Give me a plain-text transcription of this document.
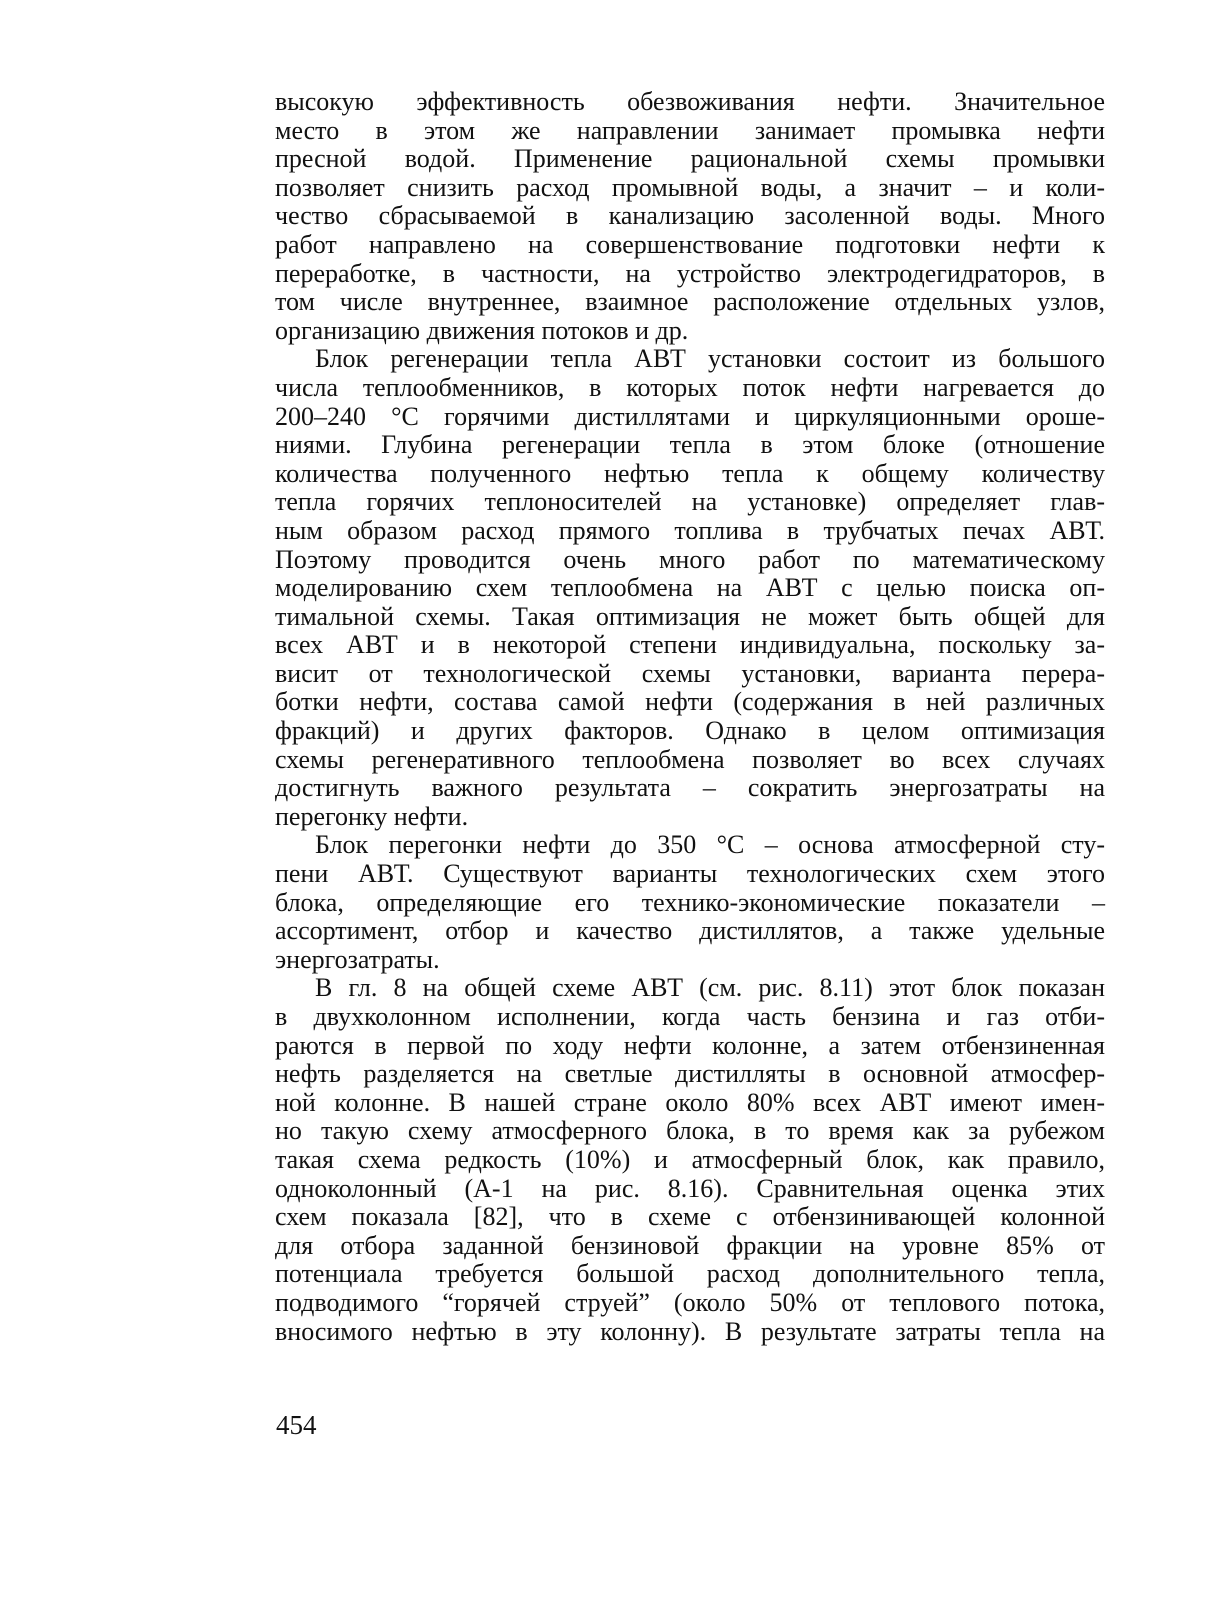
высокую эффективность обезвоживания нефти. Значительное
место в этом же направлении занимает промывка нефти
пресной водой. Применение рациональной схемы промывки
позволяет снизить расход промывной воды, а значит – и коли-
чество сбрасываемой в канализацию засоленной воды. Много
работ направлено на совершенствование подготовки нефти к
переработке, в частности, на устройство электродегидраторов, в
том числе внутреннее, взаимное расположение отдельных узлов,
организацию движения потоков и др.
Блок регенерации тепла АВТ установки состоит из большого
числа теплообменников, в которых поток нефти нагревается до
200–240 °С горячими дистиллятами и циркуляционными ороше-
ниями. Глубина регенерации тепла в этом блоке (отношение
количества полученного нефтью тепла к общему количеству
тепла горячих теплоносителей на установке) определяет глав-
ным образом расход прямого топлива в трубчатых печах АВТ.
Поэтому проводится очень много работ по математическому
моделированию схем теплообмена на АВТ с целью поиска оп-
тимальной схемы. Такая оптимизация не может быть общей для
всех АВТ и в некоторой степени индивидуальна, поскольку за-
висит от технологической схемы установки, варианта перера-
ботки нефти, состава самой нефти (содержания в ней различных
фракций) и других факторов. Однако в целом оптимизация
схемы регенеративного теплообмена позволяет во всех случаях
достигнуть важного результата – сократить энергозатраты на
перегонку нефти.
Блок перегонки нефти до 350 °С – основа атмосферной сту-
пени АВТ. Существуют варианты технологических схем этого
блока, определяющие его технико-экономические показатели –
ассортимент, отбор и качество дистиллятов, а также удельные
энергозатраты.
В гл. 8 на общей схеме АВТ (см. рис. 8.11) этот блок показан
в двухколонном исполнении, когда часть бензина и газ отби-
раются в первой по ходу нефти колонне, а затем отбензиненная
нефть разделяется на светлые дистилляты в основной атмосфер-
ной колонне. В нашей стране около 80% всех АВТ имеют имен-
но такую схему атмосферного блока, в то время как за рубежом
такая схема редкость (10%) и атмосферный блок, как правило,
одноколонный (А-1 на рис. 8.16). Сравнительная оценка этих
схем показала [82], что в схеме с отбензинивающей колонной
для отбора заданной бензиновой фракции на уровне 85% от
потенциала требуется большой расход дополнительного тепла,
подводимого “горячей струей” (около 50% от теплового потока,
вносимого нефтью в эту колонну). В результате затраты тепла на
454
